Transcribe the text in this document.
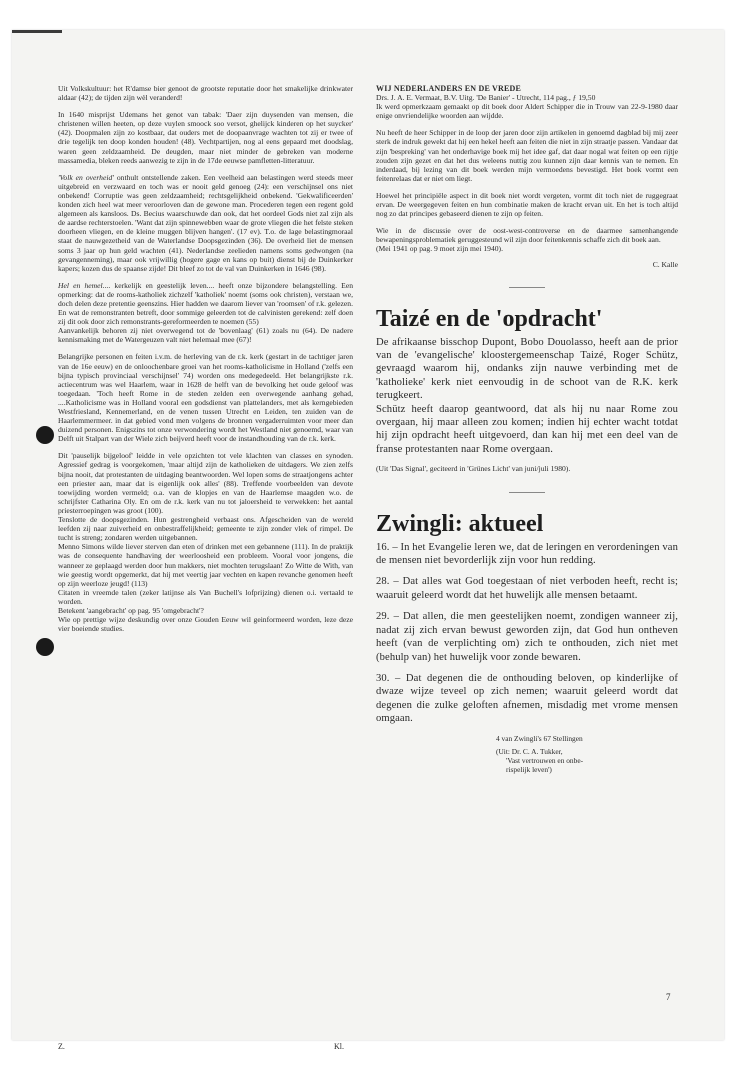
Uit Volkskultuur: het R'damse bier genoot de grootste reputatie door het smakelijke drinkwater aldaar (42); de tijden zijn wèl veranderd!

In 1640 misprijst Udemans het genot van tabak: 'Daer zijn duysenden van mensen, die christenen willen heeten, op deze vuylen smoock soo versot, ghelijck kinderen op het suycker' (42). Doopmalen zijn zo kostbaar, dat ouders met de doopaanvrage wachten tot zij er twee of drie tegelijk ten doop konden houden! (48). Vechtpartijen, nog al eens gepaard met doodslag, waren geen zeldzaamheid. De deugden, maar niet minder de gebreken van moderne massamedia, bleken reeds aanwezig te zijn in de 17de eeuwse pamfletten-litteratuur.

'Volk en overheid' onthult ontstellende zaken. Een veelheid aan belastingen werd steeds meer uitgebreid en verzwaard en toch was er nooit geld genoeg (24): een verschijnsel ons niet onbekend! Corruptie was geen zeldzaamheid; rechtsgelijkheid onbekend. 'Gekwalificeerden' konden zich heel wat meer veroorloven dan de gewone man. Procederen tegen een regent gold algemeen als kansloos. Ds. Becius waarschuwde dan ook, dat het oordeel Gods niet zal zijn als de aardse rechterstoelen. 'Want dat zijn spinnewebben waar de grote vliegen die het felste steken doorheen vliegen, en de kleine muggen blijven hangen'. (17 ev). T.o. de lage belastingmoraal staat de nauwgezetheid van de Waterlandse Doopsgezinden (36). De overheid liet de mensen soms 3 jaar op hun geld wachten (41). Nederlandse zeelieden namens soms gedwongen (na gevangenneming), maar ook vrijwillig (hogere gage en kans op buit) dienst bij de Duinkerker kapers; kozen dus de spaanse zijde! Dit bleef zo tot de val van Duinkerken in 1646 (98).

Hel en hemel.... kerkelijk en geestelijk leven.... heeft onze bijzondere belangstelling. Een opmerking: dat de rooms-katholiek zichzelf 'katholiek' noemt (soms ook christen), verstaan we, doch delen deze pretentie geenszins. Hier hadden we daarom liever van 'roomsen' of r.k. gelezen. En wat de remonstranten betreft, door sommige geleerden tot de calvinisten gerekend: zelf doen zij dit ook door zich remonstrants-gereformeerden te noemen (55)

Aanvankelijk behoren zij niet overwegend tot de 'bovenlaag' (61) zoals nu (64). De nadere kennismaking met de Watergeuzen valt niet helemaal mee (67)!

Belangrijke personen en feiten i.v.m. de herleving van de r.k. kerk (gestart in de tachtiger jaren van de 16e eeuw) en de onloochenbare groei van het rooms-katholicisme in Holland ('zelfs een bijna typisch provinciaal verschijnsel' 74) worden ons medegedeeld. Het belangrijkste r.k. actiecentrum was wel Haarlem, waar in 1628 de helft van de bevolking het oude geloof was toegedaan. 'Toch heeft Rome in de steden zelden een overwegende aanhang gehad, ....Katholicisme was in Holland vooral een godsdienst van plattelanders, met als kerngebieden Westfriesland, Kennemerland, en de venen tussen Utrecht en Leiden, ten zuiden van de Haarlemmermeer. in dat gebied vond men volgens de bronnen vergaderruimten voor meer dan duizend personen. Enigszins tot onze verwondering wordt het Westland niet genoemd, waar van Delft uit Stalpart van der Wiele zich beijverd heeft voor de instandhouding van de r.k. kerk.

Dit 'pauselijk bijgeloof' leidde in vele opzichten tot vele klachten van classes en synoden. Agressief gedrag is voorgekomen, 'maar altijd zijn de katholieken de uitdagers. We zien zelfs bijna nooit, dat protestanten de uitdaging beantwoorden. Wel lopen soms de straatjongens achter een priester aan, maar dat is eigenlijk ook alles' (88). Treffende voorbeelden van devote toewijding worden vermeld; o.a. van de klopjes en van de Haarlemse maagden w.o. de schrijfster Catharina Oly. En om de r.k. kerk van nu tot jaloersheid te verwekken: het aantal priesterroepingen was groot (100).

Tenslotte de doopsgezinden. Hun gestrengheid verbaast ons. Afgescheiden van de wereld leefden zij naar zuiverheid en onbestraffelijkheid; gemeente te zijn zonder vlek of rimpel. De tucht is streng; zondaren werden uitgebannen.

Menno Simons wilde liever sterven dan eten of drinken met een gebannene (111). In de praktijk was de consequente handhaving der weerloosheid een probleem. Vooral voor jongens, die wanneer ze geplaagd werden door hun makkers, niet mochten terugslaan! Zo Witte de With, van wie geestig wordt opgemerkt, dat hij met veertig jaar vechten en kapen revanche genomen heeft op zijn weerloze jeugd! (113)

Citaten in vreemde talen (zeker latijnse als Van Buchell's lofprijzing) dienen o.i. vertaald te worden.

Betekent 'aangebracht' op pag. 95 'omgebracht'?

Wie op prettige wijze deskundig over onze Gouden Eeuw wil geinformeerd worden, leze deze vier boeiende studies.

Z.	Kl.
WIJ NEDERLANDERS EN DE VREDE

Drs. J. A. E. Vermaat, B.V. Uitg. 'De Banier' - Utrecht, 114 pag., ƒ 19,50

Ik werd opmerkzaam gemaakt op dit boek door Aldert Schipper die in Trouw van 22-9-1980 daar enige onvriendelijke woorden aan wijdde.

Nu heeft de heer Schipper in de loop der jaren door zijn artikelen in genoemd dagblad bij mij zeer sterk de indruk gewekt dat hij een hekel heeft aan feiten die niet in zijn straatje passen. Vandaar dat zijn 'bespreking' van het onderhavige boek mij het idee gaf, dat daar nogal wat feiten op een rijtje zouden zijn gezet en dat het dus weleens nuttig zou kunnen zijn daar kennis van te nemen. En inderdaad, bij lezing van dit boek werden mijn vermoedens bevestigd. Het boek vormt een feitenrelaas dat er niet om liegt.

Hoewel het principiële aspect in dit boek niet wordt vergeten, vormt dit toch niet de ruggegraat ervan. De weergegeven feiten en hun combinatie maken de kracht ervan uit. En het is toch altijd nog zo dat principes gebaseerd dienen te zijn op feiten.

Wie in de discussie over de oost-west-controverse en de daarmee samenhangende bewapeningsproblematiek geruggesteund wil zijn door feitenkennis schaffe zich dit boek aan.

(Mei 1941 op pag. 9 moet zijn mei 1940).

C. Kalle
Taizé en de 'opdracht'

De afrikaanse bisschop Dupont, Bobo Douolasso, heeft aan de prior van de 'evangelische' kloostergemeenschap Taizé, Roger Schütz, gevraagd waarom hij, ondanks zijn nauwe verbinding met de 'katholieke' kerk niet eenvoudig in de schoot van de R.K. kerk terugkeert.

Schütz heeft daarop geantwoord, dat als hij nu naar Rome zou overgaan, hij maar alleen zou komen; indien hij echter wacht totdat hij zijn opdracht heeft uitgevoerd, dan kan hij met een deel van de franse protestanten naar Rome overgaan.

(Uit 'Das Signal', geciteerd in 'Grünes Licht' van juni/juli 1980).
Zwingli: aktueel

16. – In het Evangelie leren we, dat de leringen en verordeningen van de mensen niet bevorderlijk zijn voor hun redding.

28. – Dat alles wat God toegestaan of niet verboden heeft, recht is; waaruit geleerd wordt dat het huwelijk alle mensen betaamt.

29. – Dat allen, die men geestelijken noemt, zondigen wanneer zij, nadat zij zich ervan bewust geworden zijn, dat God hun ontheven heeft (van de verplichting om) zich te onthouden, zich niet met (behulp van) het huwelijk voor zonde bewaren.

30. – Dat degenen die de onthouding beloven, op kinderlijke of dwaze wijze teveel op zich nemen; waaruit geleerd wordt dat degenen die zulke geloften afnemen, misdadig met vrome mensen omgaan.

4 van Zwingli's 67 Stellingen
(Uit: Dr. C. A. Tukker,
'Vast vertrouwen en onbe-
rispelijk leven')
7
